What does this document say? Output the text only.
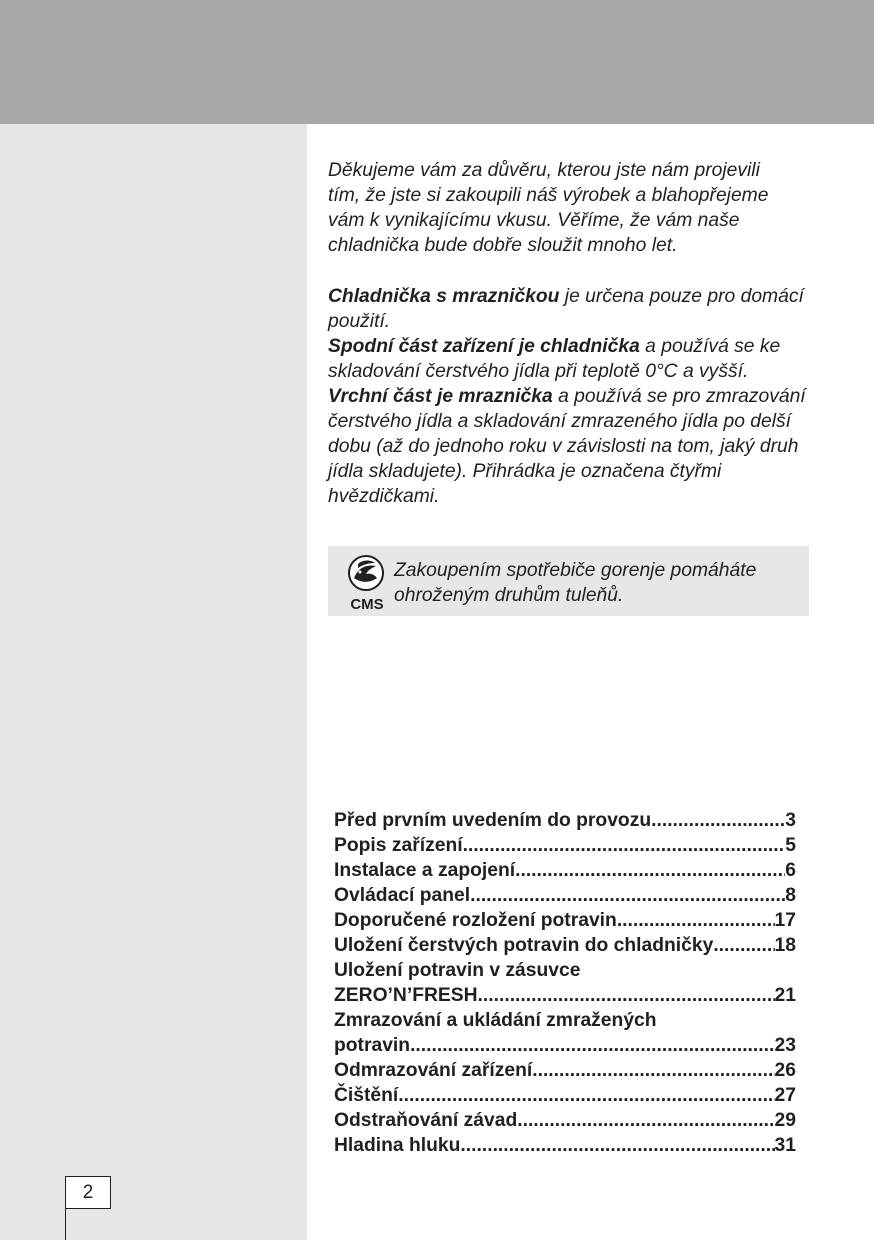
Děkujeme vám za důvěru, kterou jste nám projevili

tím, že jste si zakoupili náš výrobek a blahopřejeme

vám k vynikajícímu vkusu. Věříme, že vám naše

chladnička bude dobře sloužit mnoho let.

Chladnička s mrazničkou je určena pouze pro domácí použití.

Spodní část zařízení je chladnička a používá se ke skladování čerstvého jídla při teplotě 0°C a vyšší.

Vrchní část je mraznička a používá se pro zmrazování čerstvého jídla a skladování zmrazeného jídla po delší dobu (až do jednoho roku v závislosti na tom, jaký druh jídla skladujete). Přihrádka je označena čtyřmi hvězdičkami.

CMS
Zakoupením spotřebiče gorenje pomáháte ohroženým druhům tuleňů.
Před prvním uvedením do provozu .....	3
Popis zařízení .....	5
Instalace a zapojení .....	6
Ovládací panel .....	8
Doporučené rozložení potravin .....	17
Uložení čerstvých potravin do chladničky .....	18
Uložení potravin v zásuvce
ZERO’N’FRESH .....	21
Zmrazování a ukládání zmražených
potravin .....	23
Odmrazování zařízení .....	26
Čištění .....	27
Odstraňování závad .....	29
Hladina hluku .....	31
2
